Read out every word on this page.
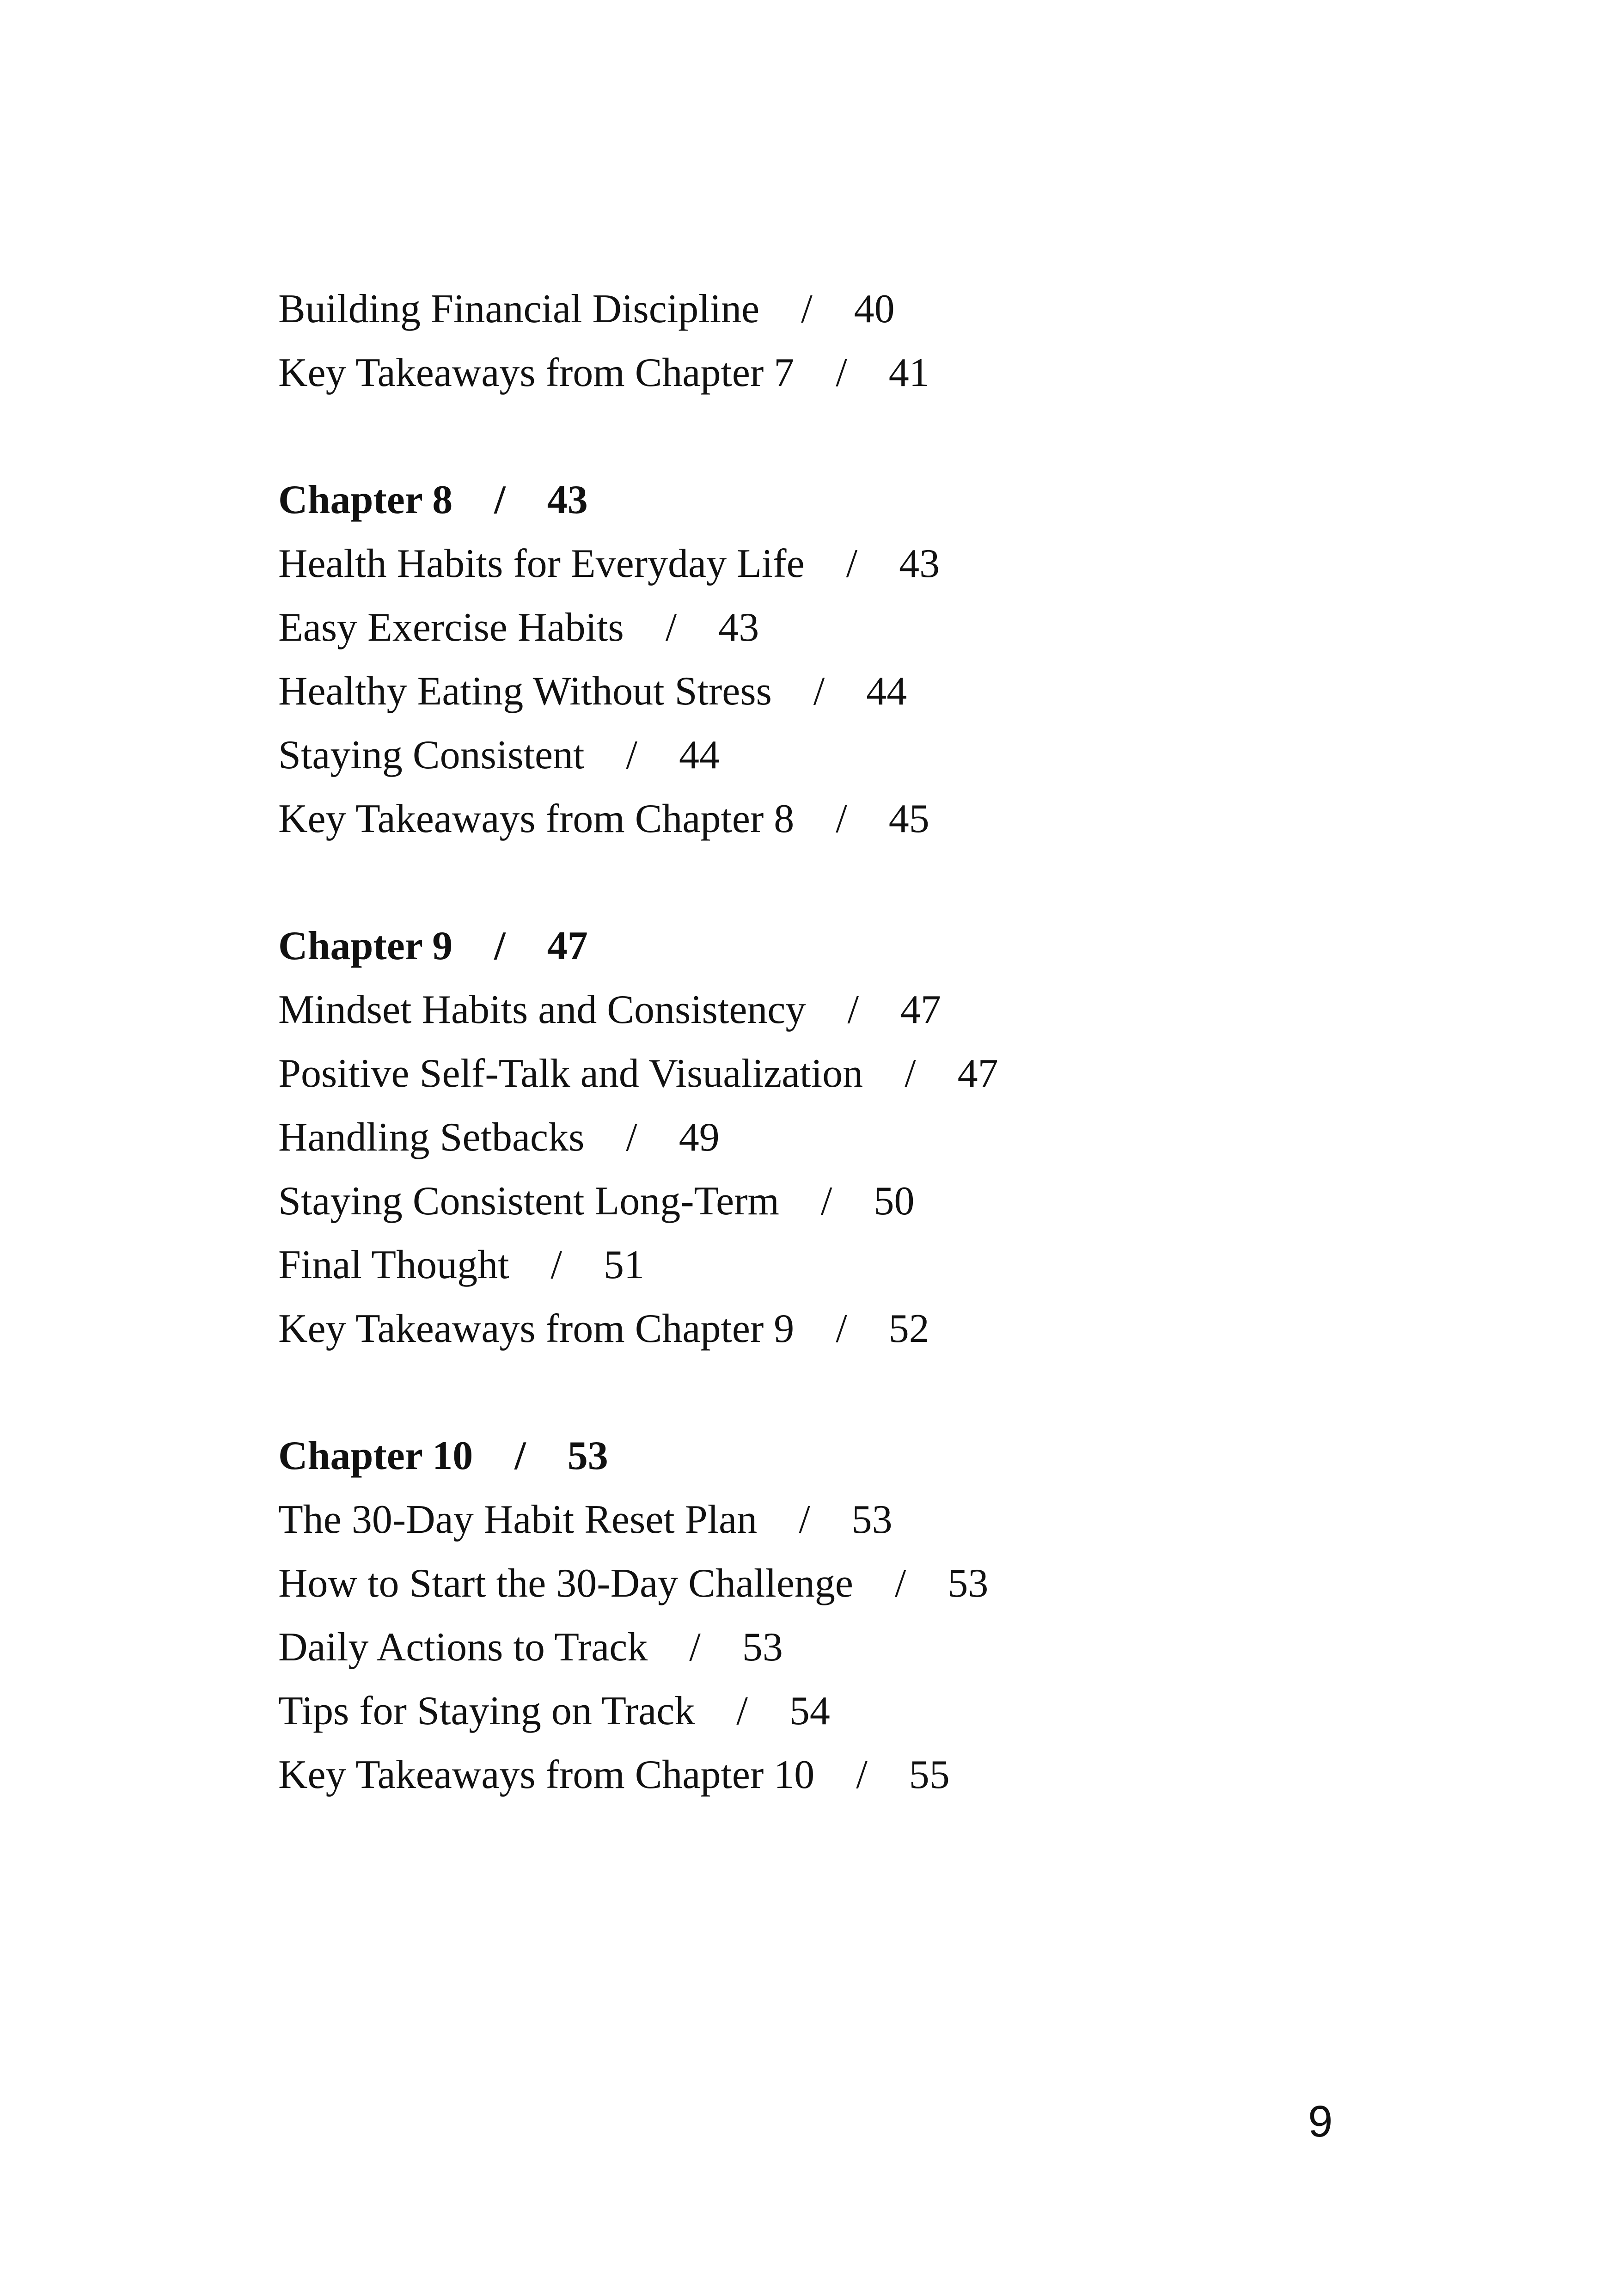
Building Financial Discipline / 40
Key Takeaways from Chapter 7 / 41
Chapter 8 / 43
Health Habits for Everyday Life / 43
Easy Exercise Habits / 43
Healthy Eating Without Stress / 44
Staying Consistent / 44
Key Takeaways from Chapter 8 / 45
Chapter 9 / 47
Mindset Habits and Consistency / 47
Positive Self-Talk and Visualization / 47
Handling Setbacks / 49
Staying Consistent Long-Term / 50
Final Thought / 51
Key Takeaways from Chapter 9 / 52
Chapter 10 / 53
The 30-Day Habit Reset Plan / 53
How to Start the 30-Day Challenge / 53
Daily Actions to Track / 53
Tips for Staying on Track / 54
Key Takeaways from Chapter 10 / 55
9
